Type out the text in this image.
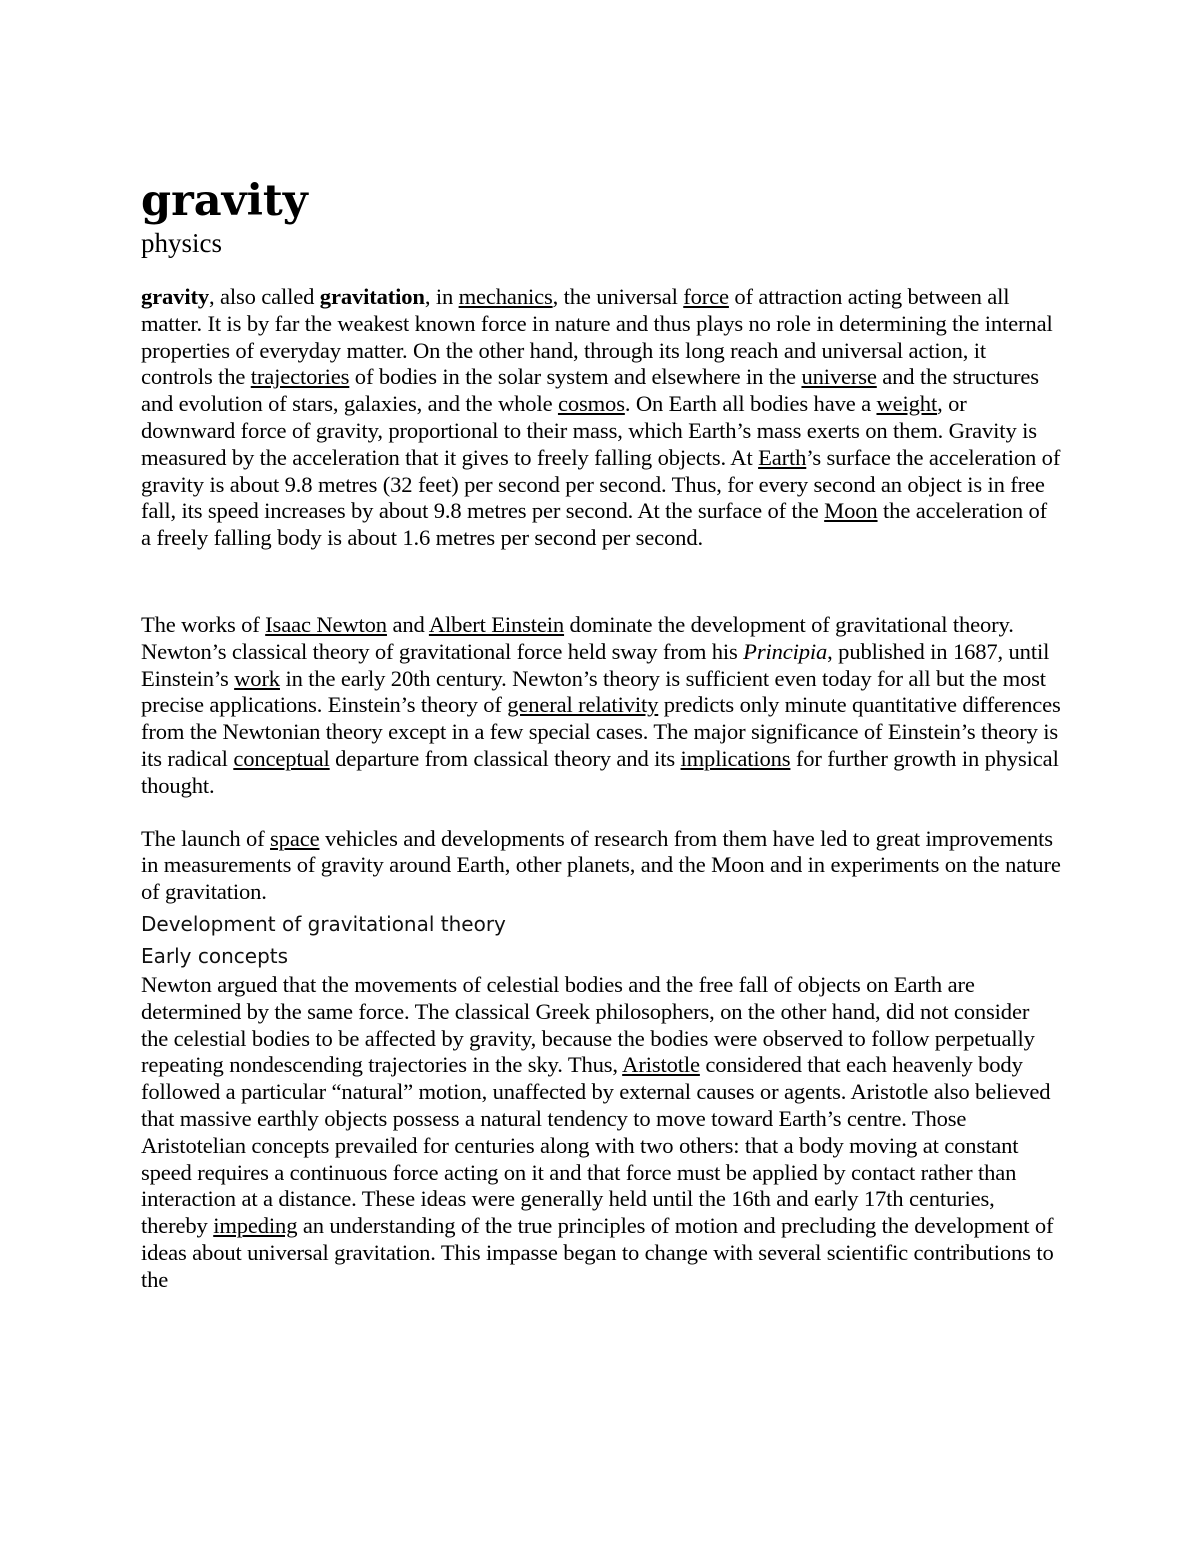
gravity
physics

gravity, also called gravitation, in mechanics, the universal force of attraction acting between all matter. It is by far the weakest known force in nature and thus plays no role in determining the internal properties of everyday matter. On the other hand, through its long reach and universal action, it controls the trajectories of bodies in the solar system and elsewhere in the universe and the structures and evolution of stars, galaxies, and the whole cosmos. On Earth all bodies have a weight, or downward force of gravity, proportional to their mass, which Earth’s mass exerts on them. Gravity is measured by the acceleration that it gives to freely falling objects. At Earth’s surface the acceleration of gravity is about 9.8 metres (32 feet) per second per second. Thus, for every second an object is in free fall, its speed increases by about 9.8 metres per second. At the surface of the Moon the acceleration of a freely falling body is about 1.6 metres per second per second.

The works of Isaac Newton and Albert Einstein dominate the development of gravitational theory. Newton’s classical theory of gravitational force held sway from his Principia, published in 1687, until Einstein’s work in the early 20th century. Newton’s theory is sufficient even today for all but the most precise applications. Einstein’s theory of general relativity predicts only minute quantitative differences from the Newtonian theory except in a few special cases. The major significance of Einstein’s theory is its radical conceptual departure from classical theory and its implications for further growth in physical thought.

The launch of space vehicles and developments of research from them have led to great improvements in measurements of gravity around Earth, other planets, and the Moon and in experiments on the nature of gravitation.

Development of gravitational theory
Early concepts

Newton argued that the movements of celestial bodies and the free fall of objects on Earth are determined by the same force. The classical Greek philosophers, on the other hand, did not consider the celestial bodies to be affected by gravity, because the bodies were observed to follow perpetually repeating nondescending trajectories in the sky. Thus, Aristotle considered that each heavenly body followed a particular “natural” motion, unaffected by external causes or agents. Aristotle also believed that massive earthly objects possess a natural tendency to move toward Earth’s centre. Those Aristotelian concepts prevailed for centuries along with two others: that a body moving at constant speed requires a continuous force acting on it and that force must be applied by contact rather than interaction at a distance. These ideas were generally held until the 16th and early 17th centuries, thereby impeding an understanding of the true principles of motion and precluding the development of ideas about universal gravitation. This impasse began to change with several scientific contributions to the
